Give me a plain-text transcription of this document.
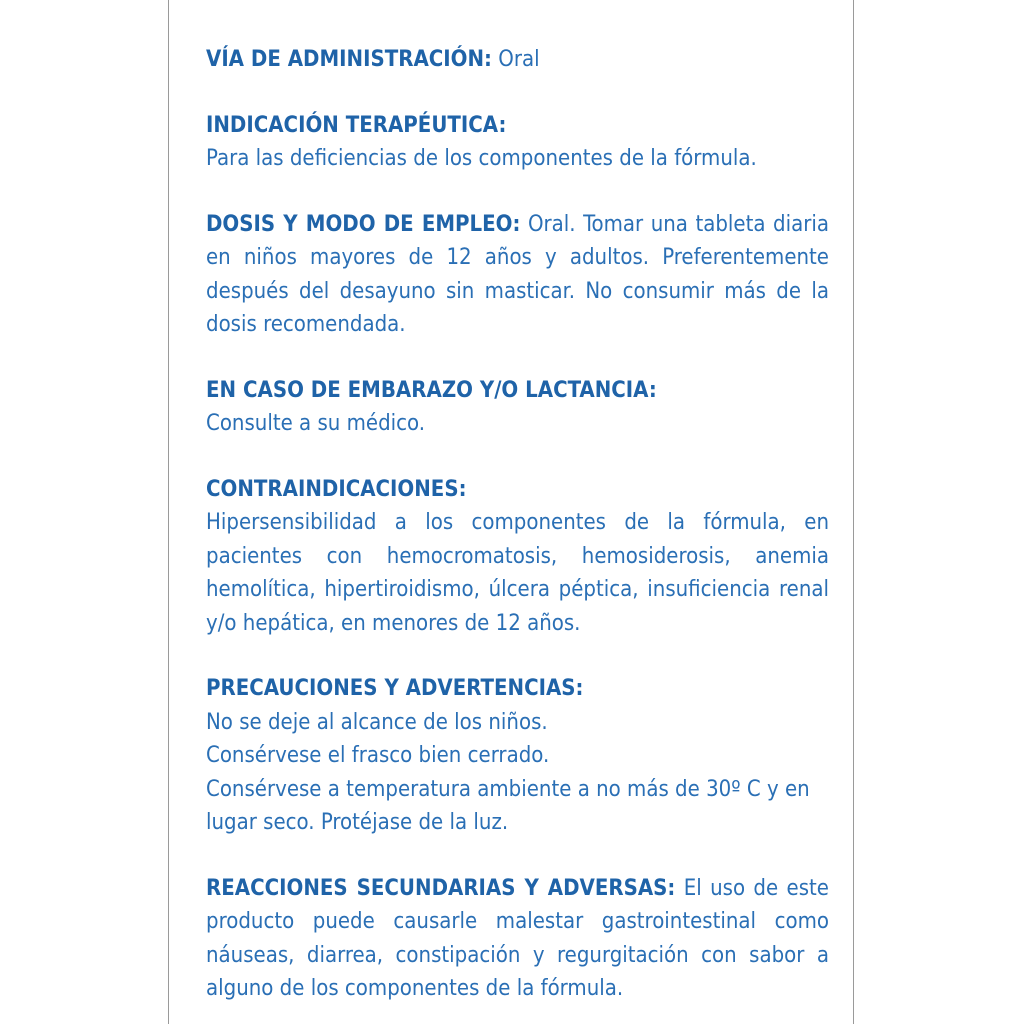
VÍA DE ADMINISTRACIÓN: Oral
INDICACIÓN TERAPÉUTICA:
Para las deficiencias de los componentes de la fórmula.
DOSIS Y MODO DE EMPLEO: Oral. Tomar una tableta diaria en niños mayores de 12 años y adultos. Preferentemente después del desayuno sin masticar. No consumir más de la dosis recomendada.
EN CASO DE EMBARAZO Y/O LACTANCIA:
Consulte a su médico.
CONTRAINDICACIONES:
Hipersensibilidad a los componentes de la fórmula, en pacientes con hemocromatosis, hemosiderosis, anemia hemolítica, hipertiroidismo, úlcera péptica, insuficiencia renal y/o hepática, en menores de 12 años.
PRECAUCIONES Y ADVERTENCIAS:
No se deje al alcance de los niños.
Consérvese el frasco bien cerrado.
Consérvese a temperatura ambiente a no más de 30º C y en lugar seco. Protéjase de la luz.
REACCIONES SECUNDARIAS Y ADVERSAS: El uso de este producto puede causarle malestar gastrointestinal como náuseas, diarrea, constipación y regurgitación con sabor a alguno de los componentes de la fórmula.
